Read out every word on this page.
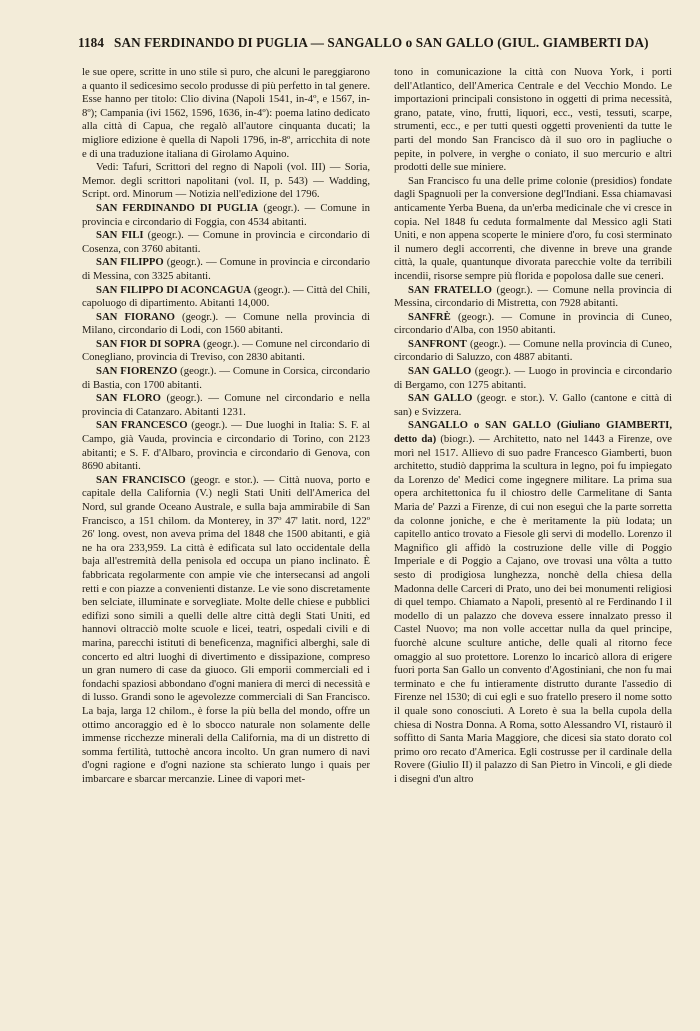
1184 SAN FERDINANDO DI PUGLIA — SANGALLO o SAN GALLO (GIUL. GIAMBERTI DA)

le sue opere, scritte in uno stile sì puro, che alcuni le pareggiarono a quanto il sedicesimo secolo produsse di più perfetto in tal genere. Esse hanno per titolo: Clio divina (Napoli 1541, in-4º, e 1567, in-8º); Campania (ivi 1562, 1596, 1636, in-4º): poema latino dedicato alla città di Capua, che regalò all'autore cinquanta ducati; la migliore edizione è quella di Napoli 1796, in-8º, arricchita di note e di una traduzione italiana di Girolamo Aquino.

Vedi: Tafuri, Scrittori del regno di Napoli (vol. III) — Soria, Memor. degli scrittori napolitani (vol. II, p. 543) — Wadding, Script. ord. Minorum — Notizia nell'edizione del 1796.

SAN FERDINANDO DI PUGLIA (geogr.). — Comune in provincia e circondario di Foggia, con 4534 abitanti.

SAN FILI (geogr.). — Comune in provincia e circondario di Cosenza, con 3760 abitanti.

SAN FILIPPO (geogr.). — Comune in provincia e circondario di Messina, con 3325 abitanti.

SAN FILIPPO DI ACONCAGUA (geogr.). — Città del Chili, capoluogo di dipartimento. Abitanti 14,000.

SAN FIORANO (geogr.). — Comune nella provincia di Milano, circondario di Lodi, con 1560 abitanti.

SAN FIOR DI SOPRA (geogr.). — Comune nel circondario di Conegliano, provincia di Treviso, con 2830 abitanti.

SAN FIORENZO (geogr.). — Comune in Corsica, circondario di Bastia, con 1700 abitanti.

SAN FLORO (geogr.). — Comune nel circondario e nella provincia di Catanzaro. Abitanti 1231.

SAN FRANCESCO (geogr.). — Due luoghi in Italia: S. F. al Campo, già Vauda, provincia e circondario di Torino, con 2123 abitanti; e S. F. d'Albaro, provincia e circondario di Genova, con 8690 abitanti.

SAN FRANCISCO (geogr. e stor.). — Città nuova, porto e capitale della California (V.) negli Stati Uniti dell'America del Nord, sul grande Oceano Australe, e sulla baja ammirabile di San Francisco, a 151 chilom. da Monterey, in 37º 47' latit. nord, 122º 26' long. ovest, non aveva prima del 1848 che 1500 abitanti, e già ne ha ora 233,959. La città è edificata sul lato occidentale della baja all'estremità della penisola ed occupa un piano inclinato. È fabbricata regolarmente con ampie vie che intersecansi ad angoli retti e con piazze a convenienti distanze. Le vie sono discretamente ben selciate, illuminate e sorvegliate. Molte delle chiese e pubblici edifizi sono simili a quelli delle altre città degli Stati Uniti, ed hannovi oltracciò molte scuole e licei, teatri, ospedali civili e di marina, parecchi istituti di beneficenza, magnifici alberghi, sale di concerto ed altri luoghi di divertimento e dissipazione, compreso un gran numero di case da giuoco. Gli emporii commerciali ed i fondachi spaziosi abbondano d'ogni maniera di merci di necessità e di lusso. Grandi sono le agevolezze commerciali di San Francisco. La baja, larga 12 chilom., è forse la più bella del mondo, offre un ottimo ancoraggio ed è lo sbocco naturale non solamente delle immense ricchezze minerali della California, ma di un distretto di somma fertilità, tuttochè ancora incolto. Un gran numero di navi d'ogni ragione e d'ogni nazione sta schierato lungo i quais per imbarcare e sbarcar mercanzie. Linee di vapori met-

tono in comunicazione la città con Nuova York, i porti dell'Atlantico, dell'America Centrale e del Vecchio Mondo. Le importazioni principali consistono in oggetti di prima necessità, grano, patate, vino, frutti, liquori, ecc., vesti, tessuti, scarpe, strumenti, ecc., e per tutti questi oggetti provenienti da tutte le parti del mondo San Francisco dà il suo oro in pagliuche o pepite, in polvere, in verghe o coniato, il suo mercurio e altri prodotti delle sue miniere.

San Francisco fu una delle prime colonie (presidios) fondate dagli Spagnuoli per la conversione degl'Indiani. Essa chiamavasi anticamente Yerba Buena, da un'erba medicinale che vi cresce in copia. Nel 1848 fu ceduta formalmente dal Messico agli Stati Uniti, e non appena scoperte le miniere d'oro, fu così sterminato il numero degli accorrenti, che divenne in breve una grande città, la quale, quantunque divorata parecchie volte da terribili incendii, risorse sempre più florida e popolosa dalle sue ceneri.

SAN FRATELLO (geogr.). — Comune nella provincia di Messina, circondario di Mistretta, con 7928 abitanti.

SANFRÈ (geogr.). — Comune in provincia di Cuneo, circondario d'Alba, con 1950 abitanti.

SANFRONT (geogr.). — Comune nella provincia di Cuneo, circondario di Saluzzo, con 4887 abitanti.

SAN GALLO (geogr.). — Luogo in provincia e circondario di Bergamo, con 1275 abitanti.

SAN GALLO (geogr. e stor.). V. Gallo (cantone e città di san) e Svizzera.

SANGALLO o SAN GALLO (Giuliano GIAMBERTI, detto da) (biogr.). — Architetto, nato nel 1443 a Firenze, ove morì nel 1517. Allievo di suo padre Francesco Giamberti, buon architetto, studiò dapprima la scultura in legno, poi fu impiegato da Lorenzo de' Medici come ingegnere militare. La prima sua opera architettonica fu il chiostro delle Carmelitane di Santa Maria de' Pazzi a Firenze, di cui non eseguì che la parte sorretta da colonne joniche, e che è meritamente la più lodata; un capitello antico trovato a Fiesole gli servì di modello. Lorenzo il Magnifico gli affidò la costruzione delle ville di Poggio Imperiale e di Poggio a Cajano, ove trovasi una vôlta a tutto sesto di prodigiosa lunghezza, nonchè della chiesa della Madonna delle Carceri di Prato, uno dei bei monumenti religiosi di quel tempo. Chiamato a Napoli, presentò al re Ferdinando I il modello di un palazzo che doveva essere innalzato presso il Castel Nuovo; ma non volle accettar nulla da quel principe, fuorchè alcune sculture antiche, delle quali al ritorno fece omaggio al suo protettore. Lorenzo lo incaricò allora di erigere fuori porta San Gallo un convento d'Agostiniani, che non fu mai terminato e che fu intieramente distrutto durante l'assedio di Firenze nel 1530; di cui egli e suo fratello presero il nome sotto il quale sono conosciuti. A Loreto è sua la bella cupola della chiesa di Nostra Donna. A Roma, sotto Alessandro VI, ristaurò il soffitto di Santa Maria Maggiore, che dicesi sia stato dorato col primo oro recato d'America. Egli costrusse per il cardinale della Rovere (Giulio II) il palazzo di San Pietro in Vincoli, e gli diede i disegni d'un altro
